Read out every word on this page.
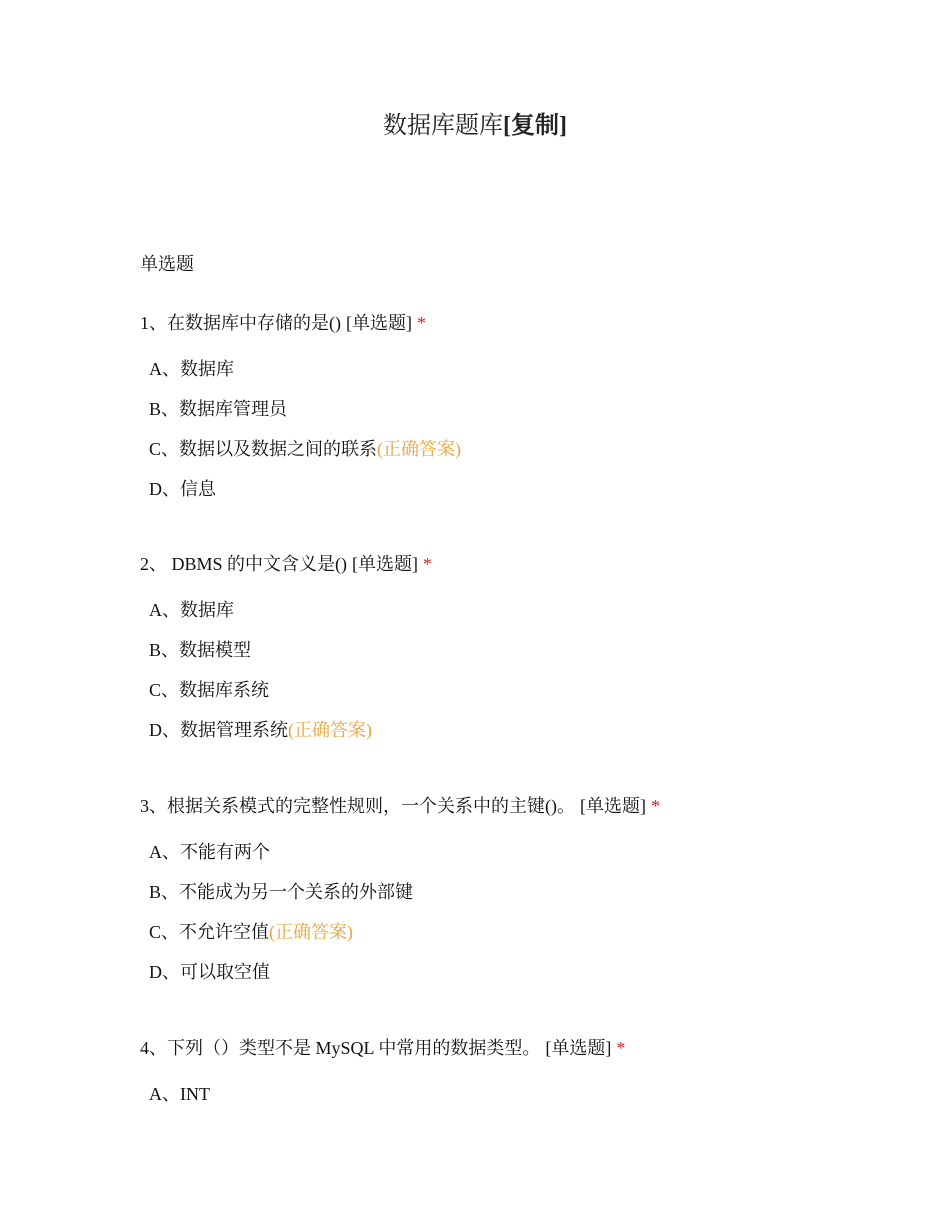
数据库题库[复制]
单选题
1、在数据库中存储的是() [单选题] *
A、数据库
B、数据库管理员
C、数据以及数据之间的联系(正确答案)
D、信息
2、 DBMS 的中文含义是() [单选题] *
A、数据库
B、数据模型
C、数据库系统
D、数据管理系统(正确答案)
3、根据关系模式的完整性规则，一个关系中的主键()。 [单选题] *
A、不能有两个
B、不能成为另一个关系的外部键
C、不允许空值(正确答案)
D、可以取空值
4、下列（）类型不是 MySQL 中常用的数据类型。 [单选题] *
A、INT
